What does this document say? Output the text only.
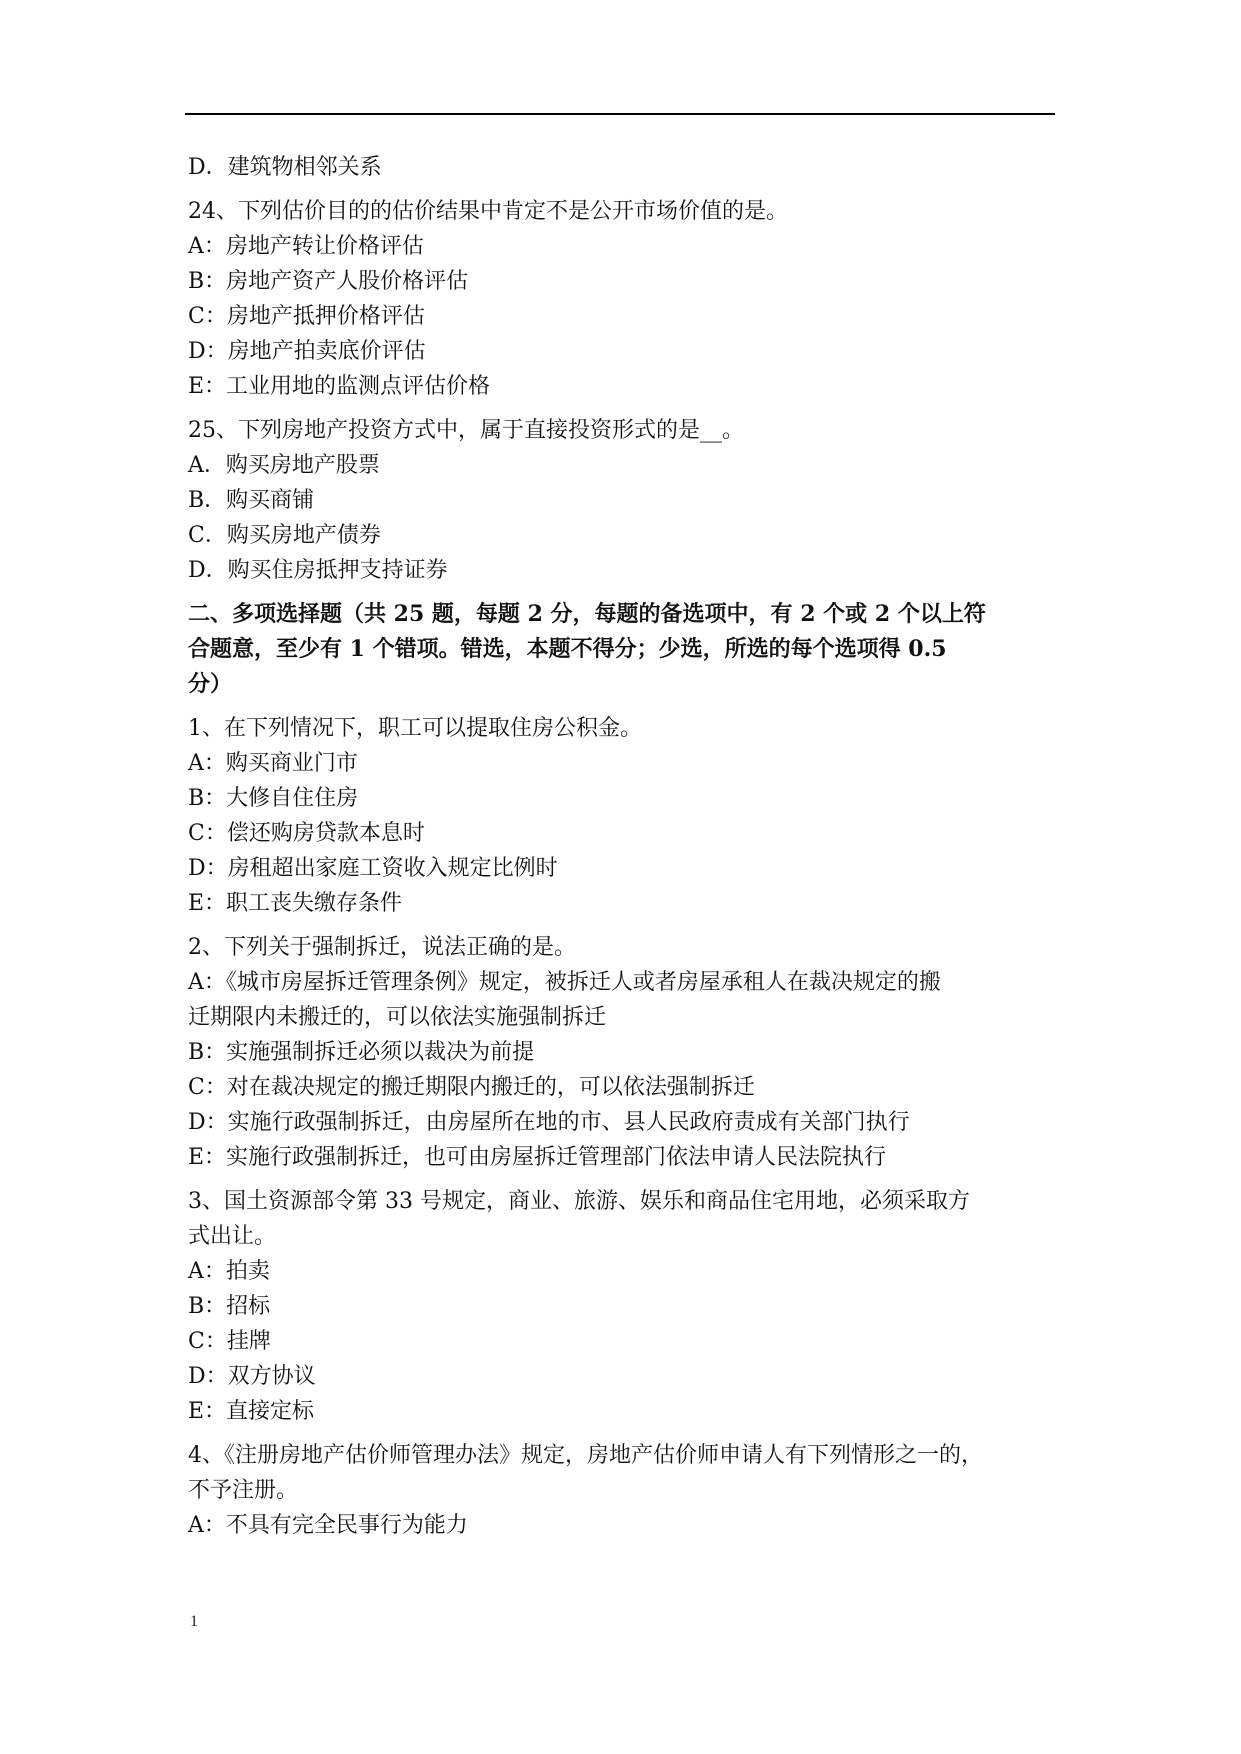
D．建筑物相邻关系
24、下列估价目的的估价结果中肯定不是公开市场价值的是。
A：房地产转让价格评估
B：房地产资产人股价格评估
C：房地产抵押价格评估
D：房地产拍卖底价评估
E：工业用地的监测点评估价格
25、下列房地产投资方式中，属于直接投资形式的是__。
A．购买房地产股票
B．购买商铺
C．购买房地产债券
D．购买住房抵押支持证券
二、多项选择题（共 25 题，每题 2 分，每题的备选项中，有 2 个或 2 个以上符
合题意，至少有 1 个错项。错选，本题不得分；少选，所选的每个选项得 0.5
分）
1、在下列情况下，职工可以提取住房公积金。
A：购买商业门市
B：大修自住住房
C：偿还购房贷款本息时
D：房租超出家庭工资收入规定比例时
E：职工丧失缴存条件
2、下列关于强制拆迁，说法正确的是。
A：《城市房屋拆迁管理条例》规定，被拆迁人或者房屋承租人在裁决规定的搬
迁期限内未搬迁的，可以依法实施强制拆迁
B：实施强制拆迁必须以裁决为前提
C：对在裁决规定的搬迁期限内搬迁的，可以依法强制拆迁
D：实施行政强制拆迁，由房屋所在地的市、县人民政府责成有关部门执行
E：实施行政强制拆迁，也可由房屋拆迁管理部门依法申请人民法院执行
3、国土资源部令第 33 号规定，商业、旅游、娱乐和商品住宅用地，必须采取方
式出让。
A：拍卖
B：招标
C：挂牌
D：双方协议
E：直接定标
4、《注册房地产估价师管理办法》规定，房地产估价师申请人有下列情形之一的，
不予注册。
A：不具有完全民事行为能力
1
